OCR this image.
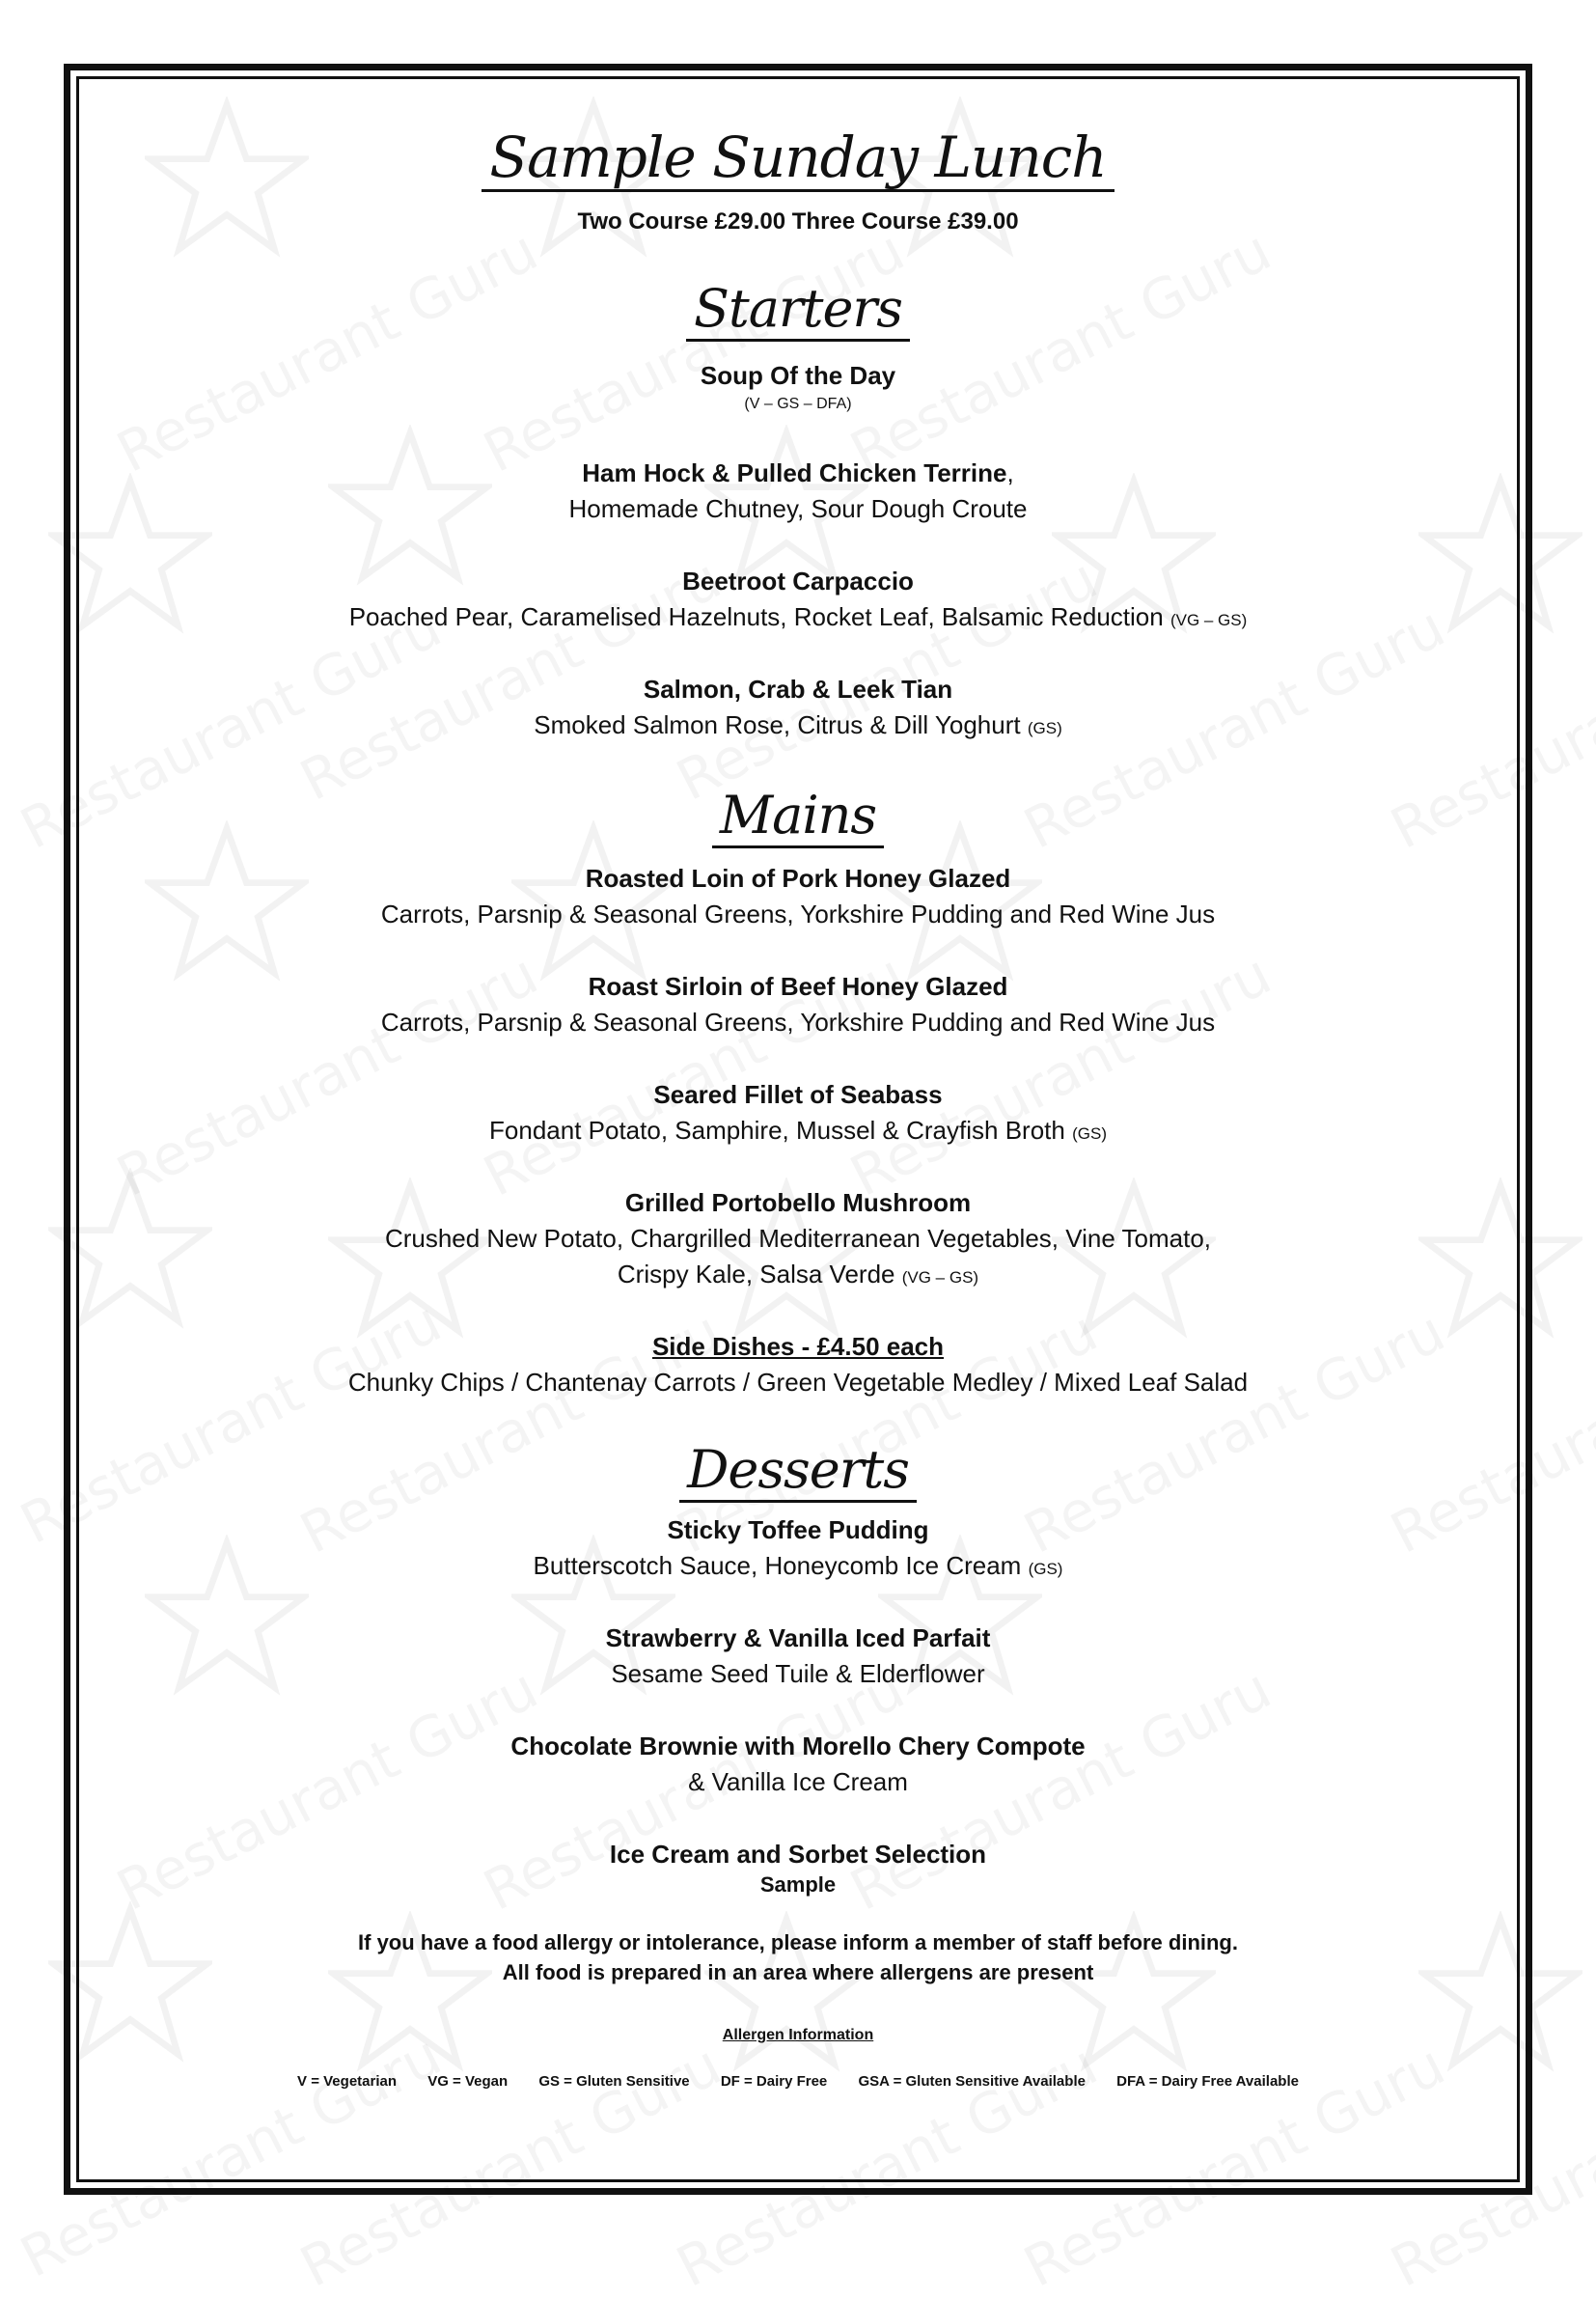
Sample Sunday Lunch
Two Course £29.00 Three Course £39.00
Starters
Soup Of the Day
(V – GS – DFA)
Ham Hock & Pulled Chicken Terrine,
Homemade Chutney, Sour Dough Croute
Beetroot Carpaccio
Poached Pear, Caramelised Hazelnuts, Rocket Leaf, Balsamic Reduction (VG – GS)
Salmon, Crab & Leek Tian
Smoked Salmon Rose, Citrus & Dill Yoghurt (GS)
Mains
Roasted Loin of Pork Honey Glazed
Carrots, Parsnip & Seasonal Greens, Yorkshire Pudding and Red Wine Jus
Roast Sirloin of Beef Honey Glazed
Carrots, Parsnip & Seasonal Greens, Yorkshire Pudding and Red Wine Jus
Seared Fillet of Seabass
Fondant Potato, Samphire, Mussel & Crayfish Broth (GS)
Grilled Portobello Mushroom
Crushed New Potato, Chargrilled Mediterranean Vegetables, Vine Tomato,
Crispy Kale, Salsa Verde (VG – GS)
Side Dishes - £4.50 each
Chunky Chips / Chantenay Carrots / Green Vegetable Medley / Mixed Leaf Salad
Desserts
Sticky Toffee Pudding
Butterscotch Sauce, Honeycomb Ice Cream (GS)
Strawberry & Vanilla Iced Parfait
Sesame Seed Tuile & Elderflower
Chocolate Brownie with Morello Chery Compote
& Vanilla Ice Cream
Ice Cream and Sorbet Selection
Sample
If you have a food allergy or intolerance, please inform a member of staff before dining.
All food is prepared in an area where allergens are present
Allergen Information
V = Vegetarian VG = Vegan GS = Gluten Sensitive DF = Dairy Free GSA = Gluten Sensitive Available DFA = Dairy Free Available
